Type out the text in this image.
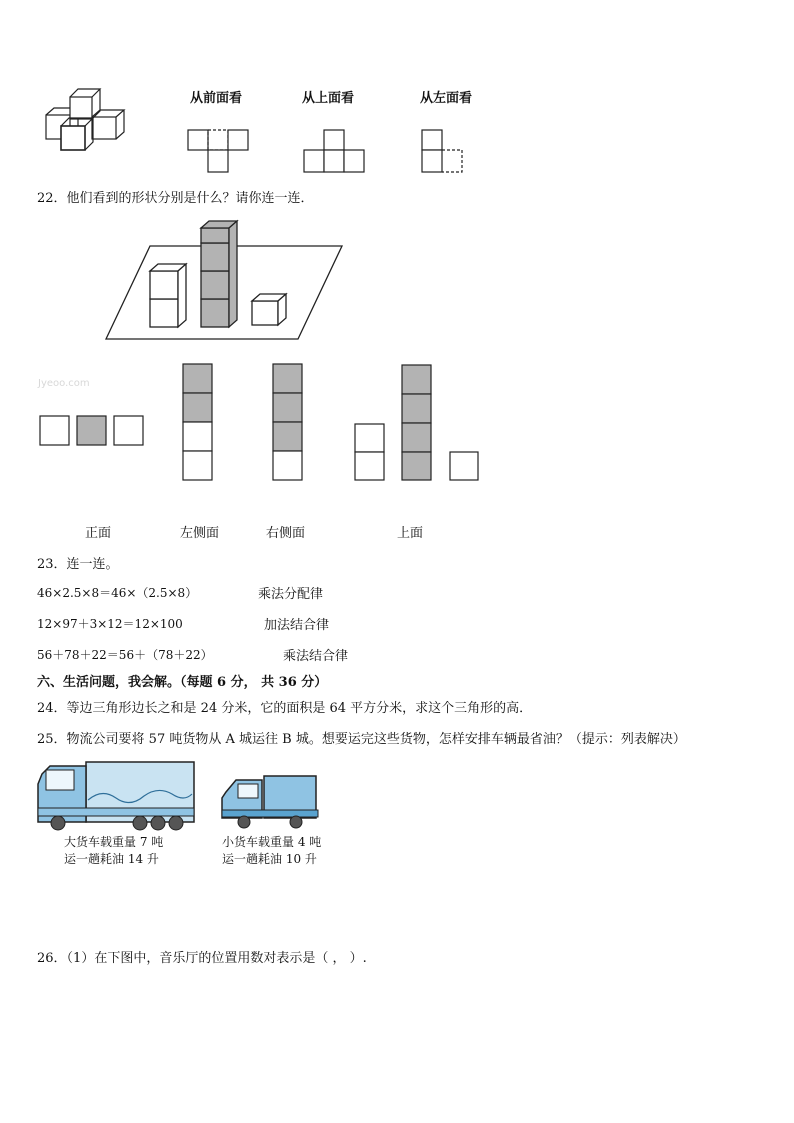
从前面看	从上面看	从左面看
22．他们看到的形状分别是什么？请你连一连．
Jyeoo.com
正面	左侧面	右侧面	上面
23．连一连。
46×2.5×8＝46×（2.5×8）	乘法分配律
12×97＋3×12＝12×100	加法结合律
56＋78＋22＝56＋（78＋22）	乘法结合律
六、生活问题，我会解。（每题 6 分， 共 36 分）
24．等边三角形边长之和是 24 分米，它的面积是 64 平方分米，求这个三角形的高．
25．物流公司要将 57 吨货物从 A 城运往 B 城。想要运完这些货物，怎样安排车辆最省油？（提示：列表解决）
大货车载重量 7 吨
运一趟耗油 14 升
小货车载重量 4 吨
运一趟耗油 10 升
26．（1）在下图中，音乐厅的位置用数对表示是（ ， ）.
